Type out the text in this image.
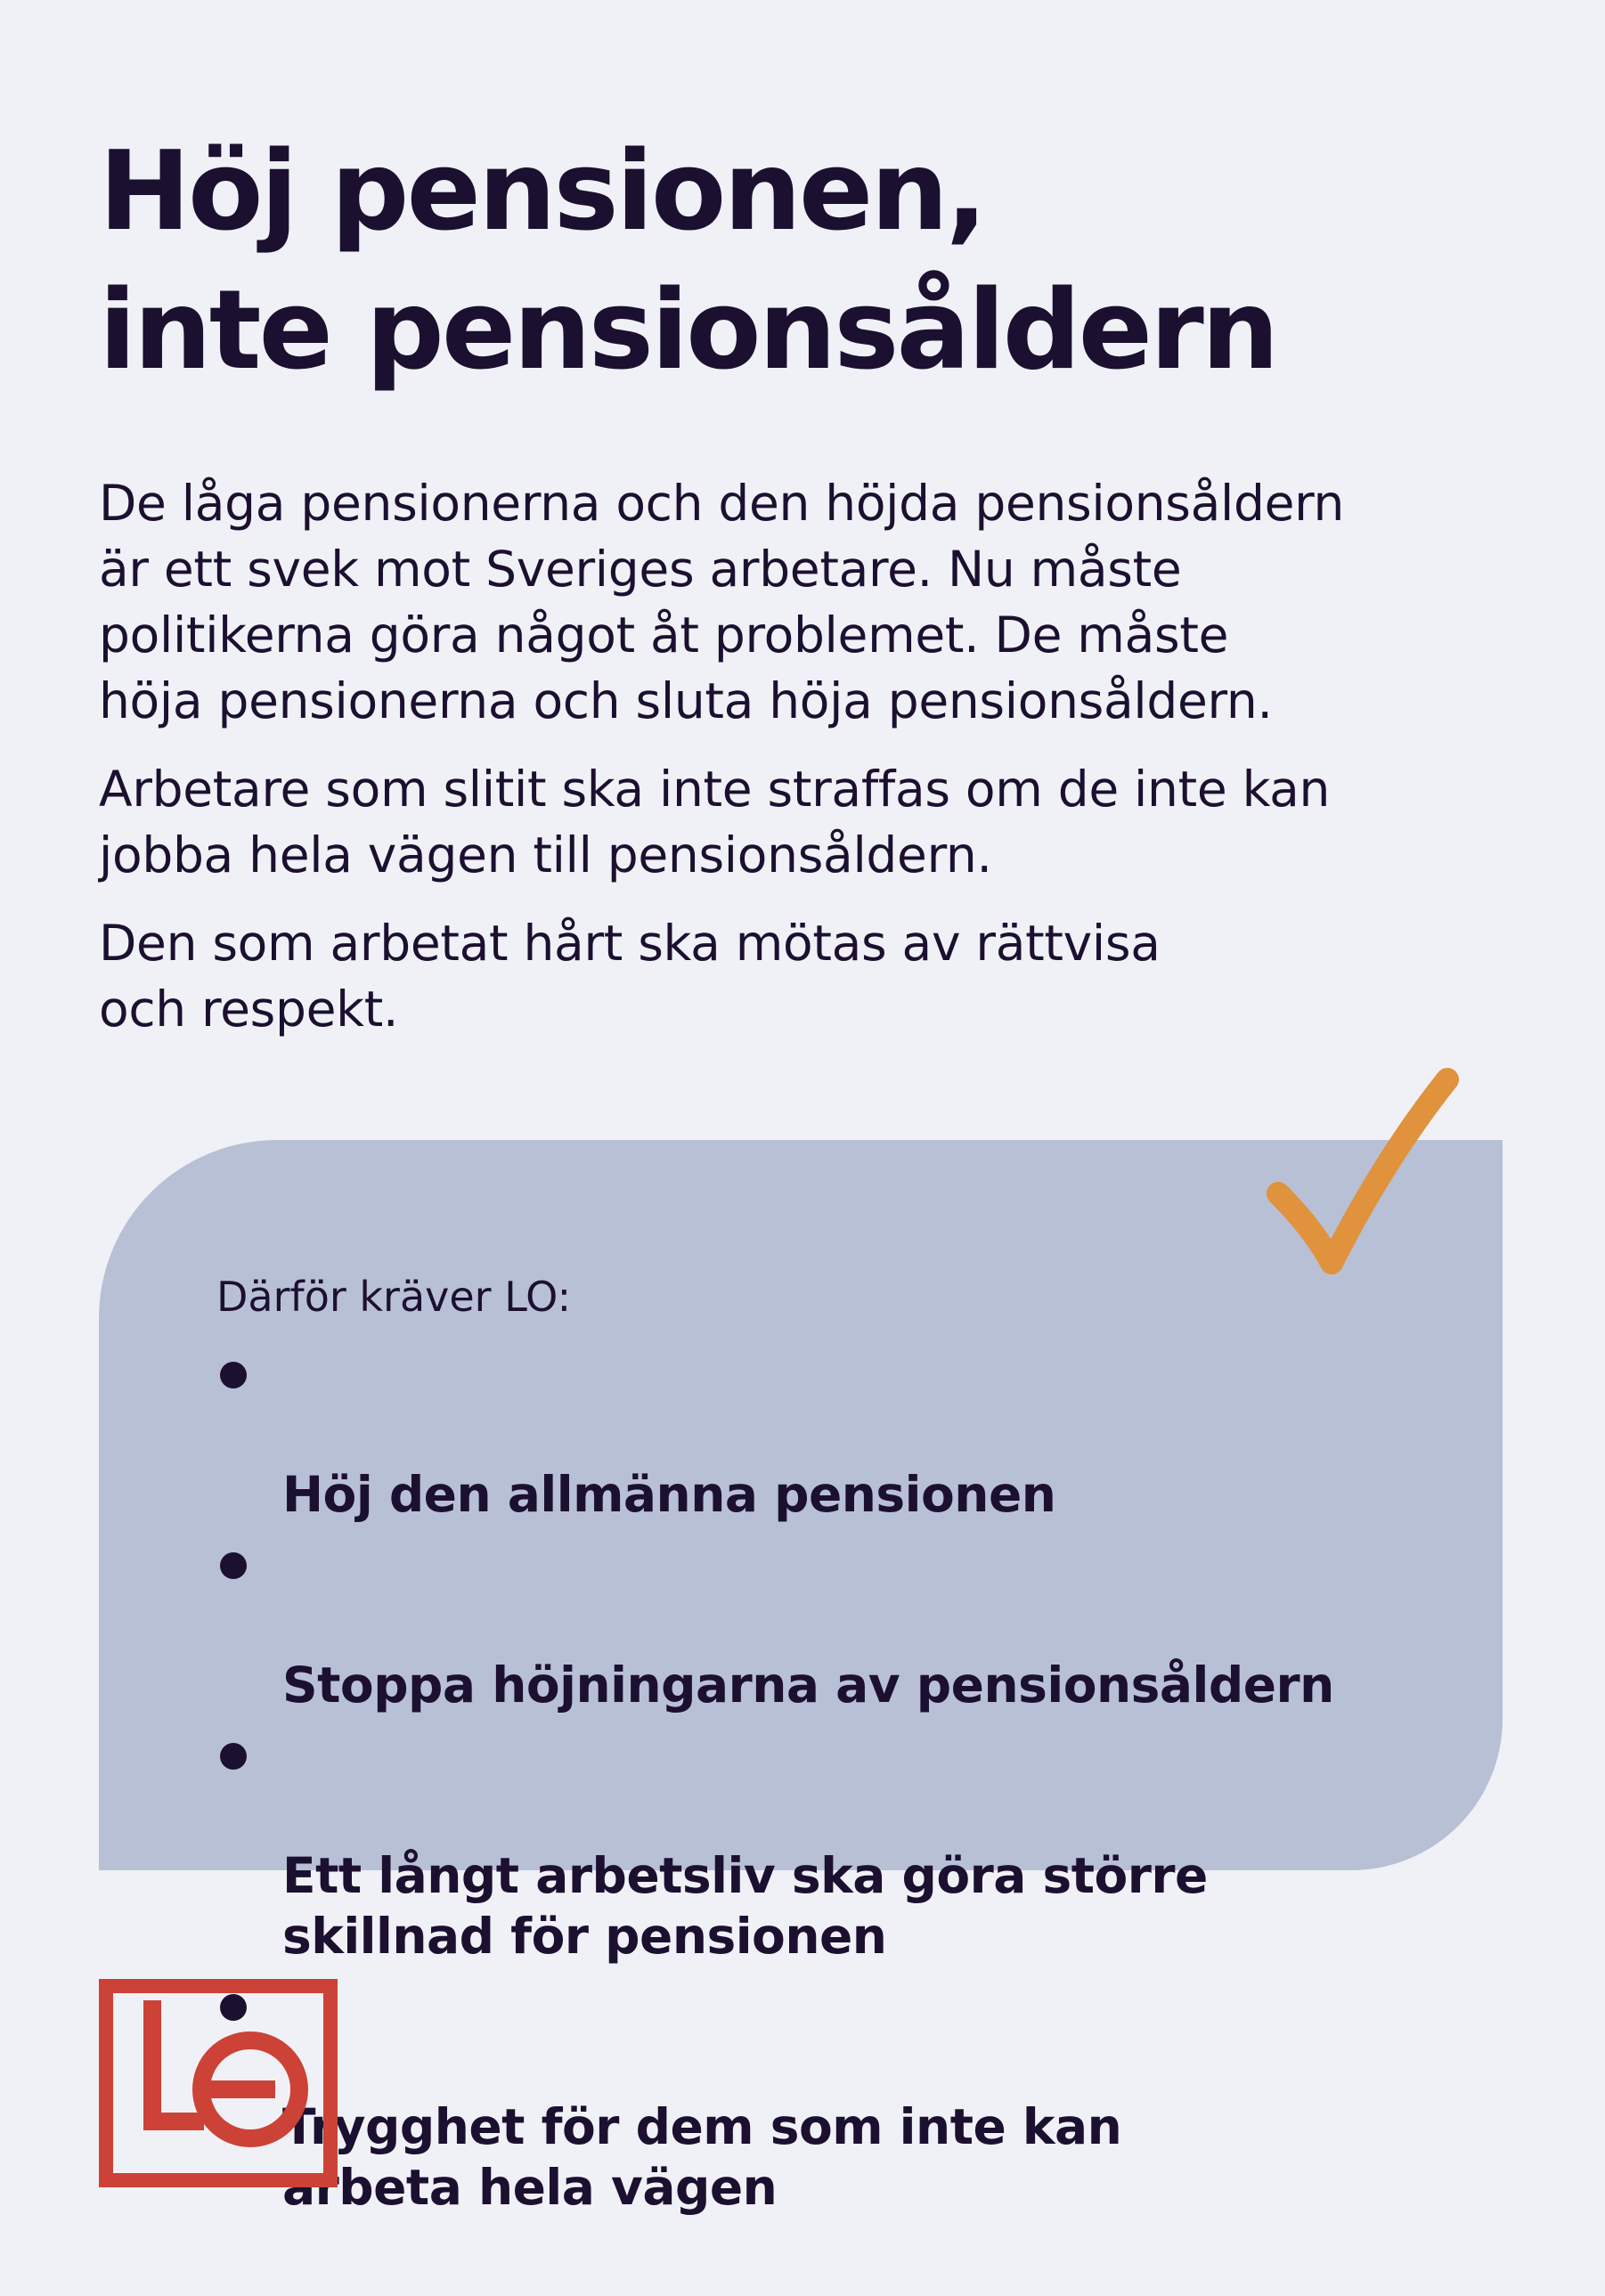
Höj pensionen,
inte pensionsåldern

De låga pensionerna och den höjda pensionsåldern
är ett svek mot Sveriges arbetare. Nu måste
politikerna göra något åt problemet. De måste
höja pensionerna och sluta höja pensionsåldern.

Arbetare som slitit ska inte straffas om de inte kan
jobba hela vägen till pensionsåldern.

Den som arbetat hårt ska mötas av rättvisa
och respekt.

Därför kräver LO:

Höj den allmänna pensionen

Stoppa höjningarna av pensionsåldern

Ett långt arbetsliv ska göra större
skillnad för pensionen

Trygghet för dem som inte kan
arbeta hela vägen
